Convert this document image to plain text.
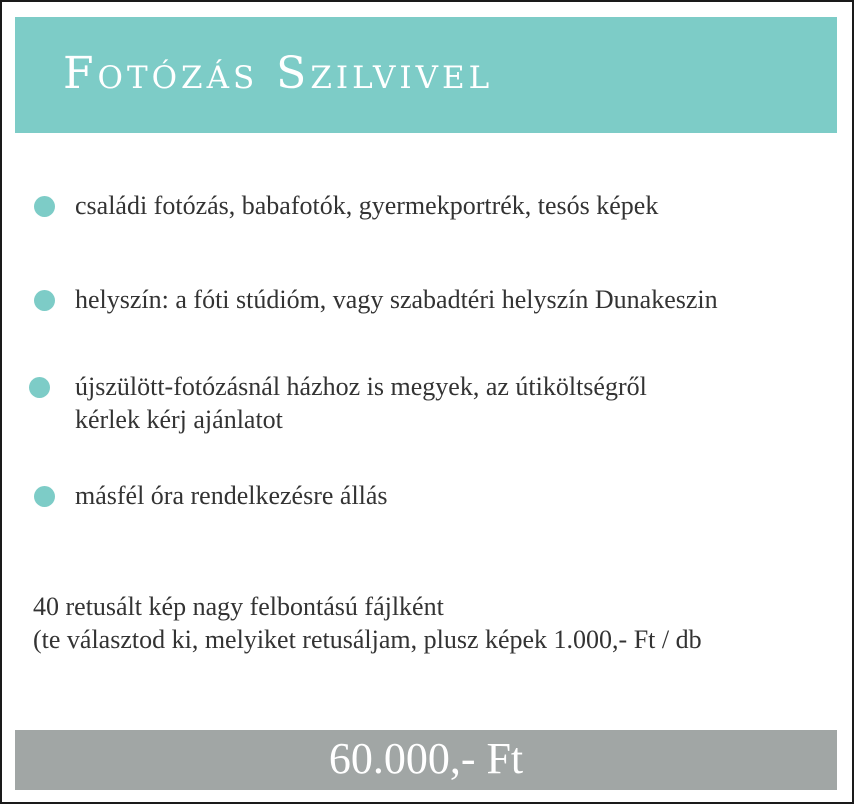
Fotózás Szilvivel
családi fotózás, babafotók, gyermekportrék, tesós képek
helyszín: a fóti stúdióm, vagy szabadtéri helyszín Dunakeszin
újszülött-fotózásnál házhoz is megyek, az útiköltségről
kérlek kérj ajánlatot
másfél óra rendelkezésre állás
40 retusált kép nagy felbontású fájlként
(te választod ki, melyiket retusáljam, plusz képek 1.000,- Ft / db
60.000,- Ft
